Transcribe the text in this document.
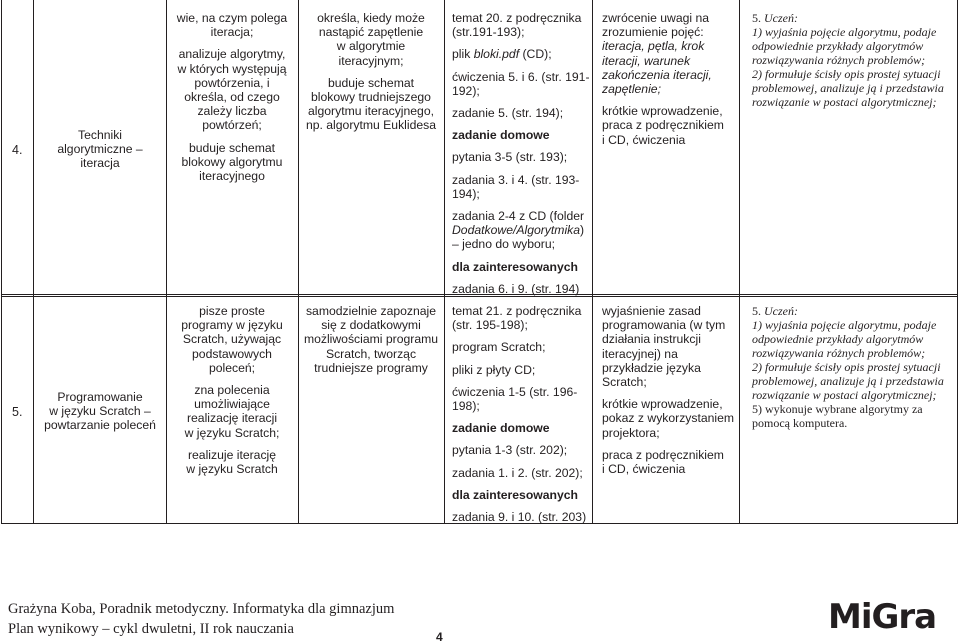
4.
Techniki
algorytmiczne –
iteracja
wie, na czym polega
iteracja;
analizuje algorytmy,
w których występują
powtórzenia, i
określa, od czego
zależy liczba
powtórzeń;
buduje schemat
blokowy algorytmu
iteracyjnego
określa, kiedy może
nastąpić zapętlenie
w algorytmie
iteracyjnym;
buduje schemat
blokowy trudniejszego
algorytmu iteracyjnego,
np. algorytmu Euklidesa
temat 20. z podręcznika
(str.191-193);
plik bloki.pdf (CD);
ćwiczenia 5. i 6. (str. 191-
192);
zadanie 5. (str. 194);
zadanie domowe
pytania 3-5 (str. 193);
zadania 3. i 4. (str. 193-
194);
zadania 2-4 z CD (folder
Dodatkowe/Algorytmika)
– jedno do wyboru;
dla zainteresowanych
zadania 6. i 9. (str. 194)
zwrócenie uwagi na
zrozumienie pojęć:
iteracja, pętla, krok
iteracji, warunek
zakończenia iteracji,
zapętlenie;
krótkie wprowadzenie,
praca z podręcznikiem
i CD, ćwiczenia
5. Uczeń:
1) wyjaśnia pojęcie algorytmu, podaje
odpowiednie przykłady algorytmów
rozwiązywania różnych problemów;
2) formułuje ścisły opis prostej sytuacji
problemowej, analizuje ją i przedstawia
rozwiązanie w postaci algorytmicznej;
5.
Programowanie
w języku Scratch –
powtarzanie poleceń
pisze proste
programy w języku
Scratch, używając
podstawowych
poleceń;
zna polecenia
umożliwiające
realizację iteracji
w języku Scratch;
realizuje iterację
w języku Scratch
samodzielnie zapoznaje
się z dodatkowymi
możliwościami programu
Scratch, tworząc
trudniejsze programy
temat 21. z podręcznika
(str. 195-198);
program Scratch;
pliki z płyty CD;
ćwiczenia 1-5 (str. 196-
198);
zadanie domowe
pytania 1-3 (str. 202);
zadania 1. i 2. (str. 202);
dla zainteresowanych
zadania 9. i 10. (str. 203)
wyjaśnienie zasad
programowania (w tym
działania instrukcji
iteracyjnej) na
przykładzie języka
Scratch;
krótkie wprowadzenie,
pokaz z wykorzystaniem
projektora;
praca z podręcznikiem
i CD, ćwiczenia
5. Uczeń:
1) wyjaśnia pojęcie algorytmu, podaje
odpowiednie przykłady algorytmów
rozwiązywania różnych problemów;
2) formułuje ścisły opis prostej sytuacji
problemowej, analizuje ją i przedstawia
rozwiązanie w postaci algorytmicznej;
5) wykonuje wybrane algorytmy za
pomocą komputera.
Grażyna Koba, Poradnik metodyczny. Informatyka dla gimnazjum
Plan wynikowy – cykl dwuletni, II rok nauczania	4	MiGra
